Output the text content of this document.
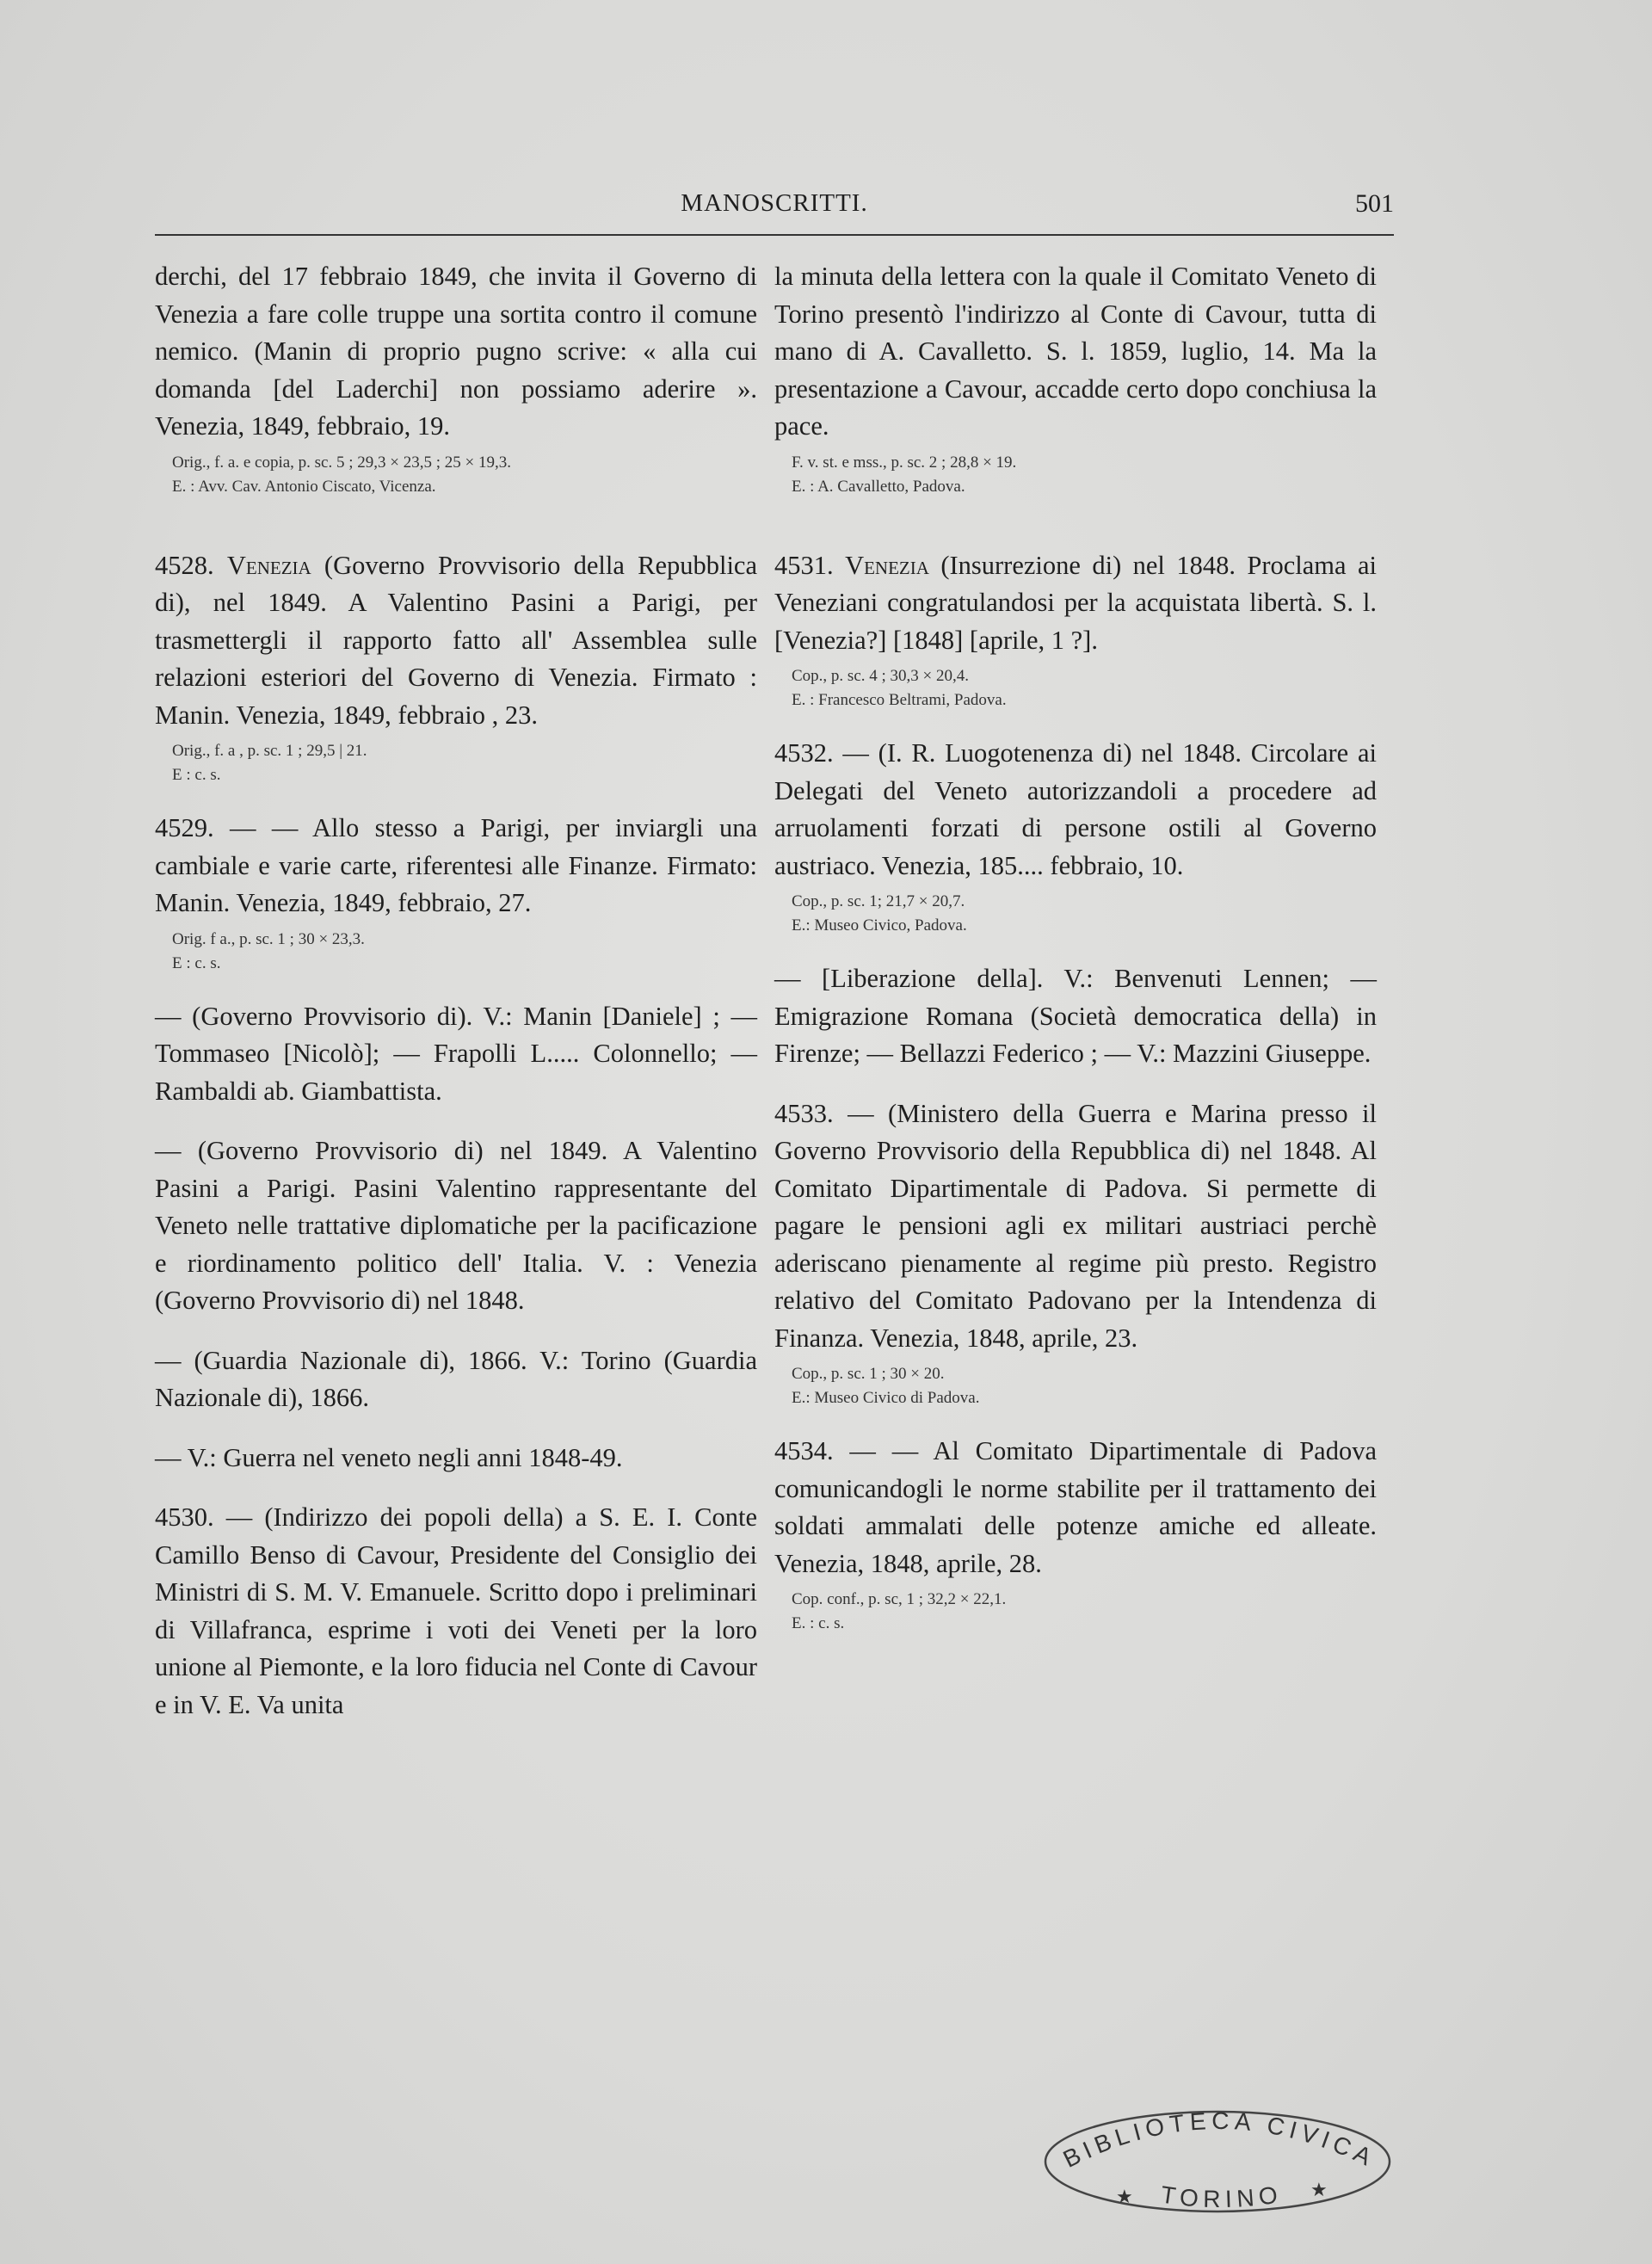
MANOSCRITTI.	501

derchi, del 17 febbraio 1849, che invita il Governo di Venezia a fare colle truppe una sortita contro il comune nemico. (Manin di proprio pugno scrive: « alla cui domanda [del Laderchi] non possiamo aderire ». Venezia, 1849, febbraio, 19.

Orig., f. a. e copia, p. sc. 5 ; 29,3 × 23,5 ; 25 × 19,3.
E. : Avv. Cav. Antonio Ciscato, Vicenza.

4528. Venezia (Governo Provvisorio della Repubblica di), nel 1849. A Valentino Pasini a Parigi, per trasmettergli il rapporto fatto all' Assemblea sulle relazioni esteriori del Governo di Venezia. Firmato : Manin. Venezia, 1849, febbraio , 23.

Orig., f. a , p. sc. 1 ; 29,5 | 21.
E : c. s.

4529. — — Allo stesso a Parigi, per inviargli una cambiale e varie carte, riferentesi alle Finanze. Firmato: Manin. Venezia, 1849, febbraio, 27.

Orig. f a., p. sc. 1 ; 30 × 23,3.
E : c. s.

— (Governo Provvisorio di). V.: Manin [Daniele] ; — Tommaseo [Nicolò]; — Frapolli L..... Colonnello; — Rambaldi ab. Giambattista.

— (Governo Provvisorio di) nel 1849. A Valentino Pasini a Parigi. Pasini Valentino rappresentante del Veneto nelle trattative diplomatiche per la pacificazione e riordinamento politico dell' Italia. V. : Venezia (Governo Provvisorio di) nel 1848.

— (Guardia Nazionale di), 1866. V.: Torino (Guardia Nazionale di), 1866.

— V.: Guerra nel veneto negli anni 1848-49.

4530. — (Indirizzo dei popoli della) a S. E. I. Conte Camillo Benso di Cavour, Presidente del Consiglio dei Ministri di S. M. V. Emanuele. Scritto dopo i preliminari di Villafranca, esprime i voti dei Veneti per la loro unione al Piemonte, e la loro fiducia nel Conte di Cavour e in V. E. Va unita

la minuta della lettera con la quale il Comitato Veneto di Torino presentò l'indirizzo al Conte di Cavour, tutta di mano di A. Cavalletto. S. l. 1859, luglio, 14. Ma la presentazione a Cavour, accadde certo dopo conchiusa la pace.

F. v. st. e mss., p. sc. 2 ; 28,8 × 19.
E. : A. Cavalletto, Padova.

4531. Venezia (Insurrezione di) nel 1848. Proclama ai Veneziani congratulandosi per la acquistata libertà. S. l. [Venezia?] [1848] [aprile, 1 ?].

Cop., p. sc. 4 ; 30,3 × 20,4.
E. : Francesco Beltrami, Padova.

4532. — (I. R. Luogotenenza di) nel 1848. Circolare ai Delegati del Veneto autorizzandoli a procedere ad arruolamenti forzati di persone ostili al Governo austriaco. Venezia, 185.... febbraio, 10.

Cop., p. sc. 1; 21,7 × 20,7.
E.: Museo Civico, Padova.

— [Liberazione della]. V.: Benvenuti Lennen; — Emigrazione Romana (Società democratica della) in Firenze; — Bellazzi Federico ; — V.: Mazzini Giuseppe.

4533. — (Ministero della Guerra e Marina presso il Governo Provvisorio della Repubblica di) nel 1848. Al Comitato Dipartimentale di Padova. Si permette di pagare le pensioni agli ex militari austriaci perchè aderiscano pienamente al regime più presto. Registro relativo del Comitato Padovano per la Intendenza di Finanza. Venezia, 1848, aprile, 23.

Cop., p. sc. 1 ; 30 × 20.
E.: Museo Civico di Padova.

4534. — — Al Comitato Dipartimentale di Padova comunicandogli le norme stabilite per il trattamento dei soldati ammalati delle potenze amiche ed alleate. Venezia, 1848, aprile, 28.

Cop. conf., p. sc, 1 ; 32,2 × 22,1.
E. : c. s.
BIBLIOTECA CIVICA
TORINO
★	★
